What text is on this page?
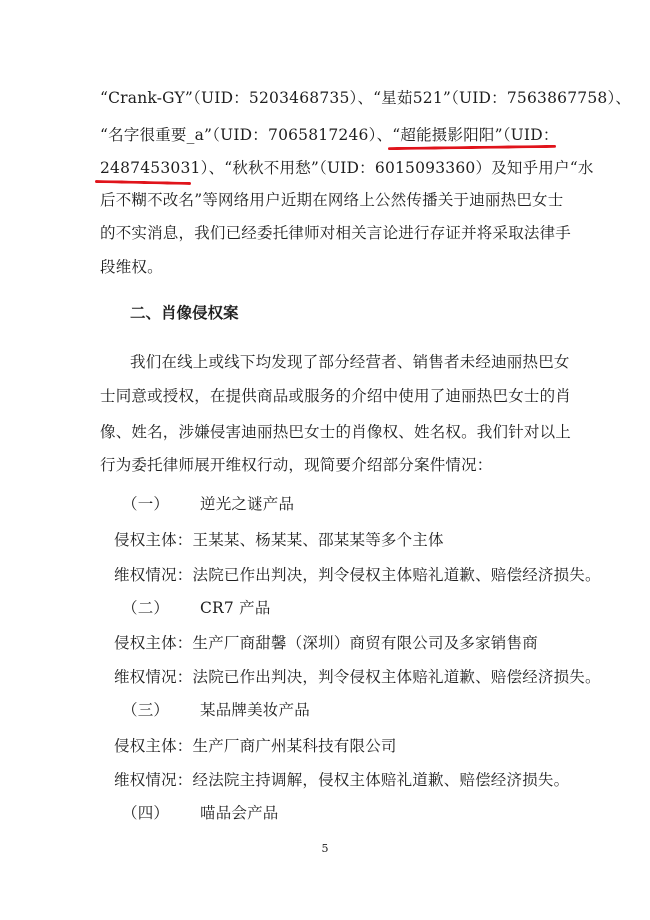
“Crank-GY”（UID：5203468735）、“星茹521”（UID：7563867758）、
“名字很重要_a”（UID：7065817246）、“超能摄影阳阳”（UID：
2487453031）、“秋秋不用愁”（UID：6015093360）及知乎用户“水
后不糊不改名”等网络用户近期在网络上公然传播关于迪丽热巴女士
的不实消息，我们已经委托律师对相关言论进行存证并将采取法律手
段维权。
二、肖像侵权案
我们在线上或线下均发现了部分经营者、销售者未经迪丽热巴女
士同意或授权，在提供商品或服务的介绍中使用了迪丽热巴女士的肖
像、姓名，涉嫌侵害迪丽热巴女士的肖像权、姓名权。我们针对以上
行为委托律师展开维权行动，现简要介绍部分案件情况：
（一） 逆光之谜产品
侵权主体：王某某、杨某某、邵某某等多个主体
维权情况：法院已作出判决，判令侵权主体赔礼道歉、赔偿经济损失。
（二） CR7 产品
侵权主体：生产厂商甜馨（深圳）商贸有限公司及多家销售商
维权情况：法院已作出判决，判令侵权主体赔礼道歉、赔偿经济损失。
（三） 某品牌美妆产品
侵权主体：生产厂商广州某科技有限公司
维权情况：经法院主持调解，侵权主体赔礼道歉、赔偿经济损失。
（四） 喵品会产品
5
